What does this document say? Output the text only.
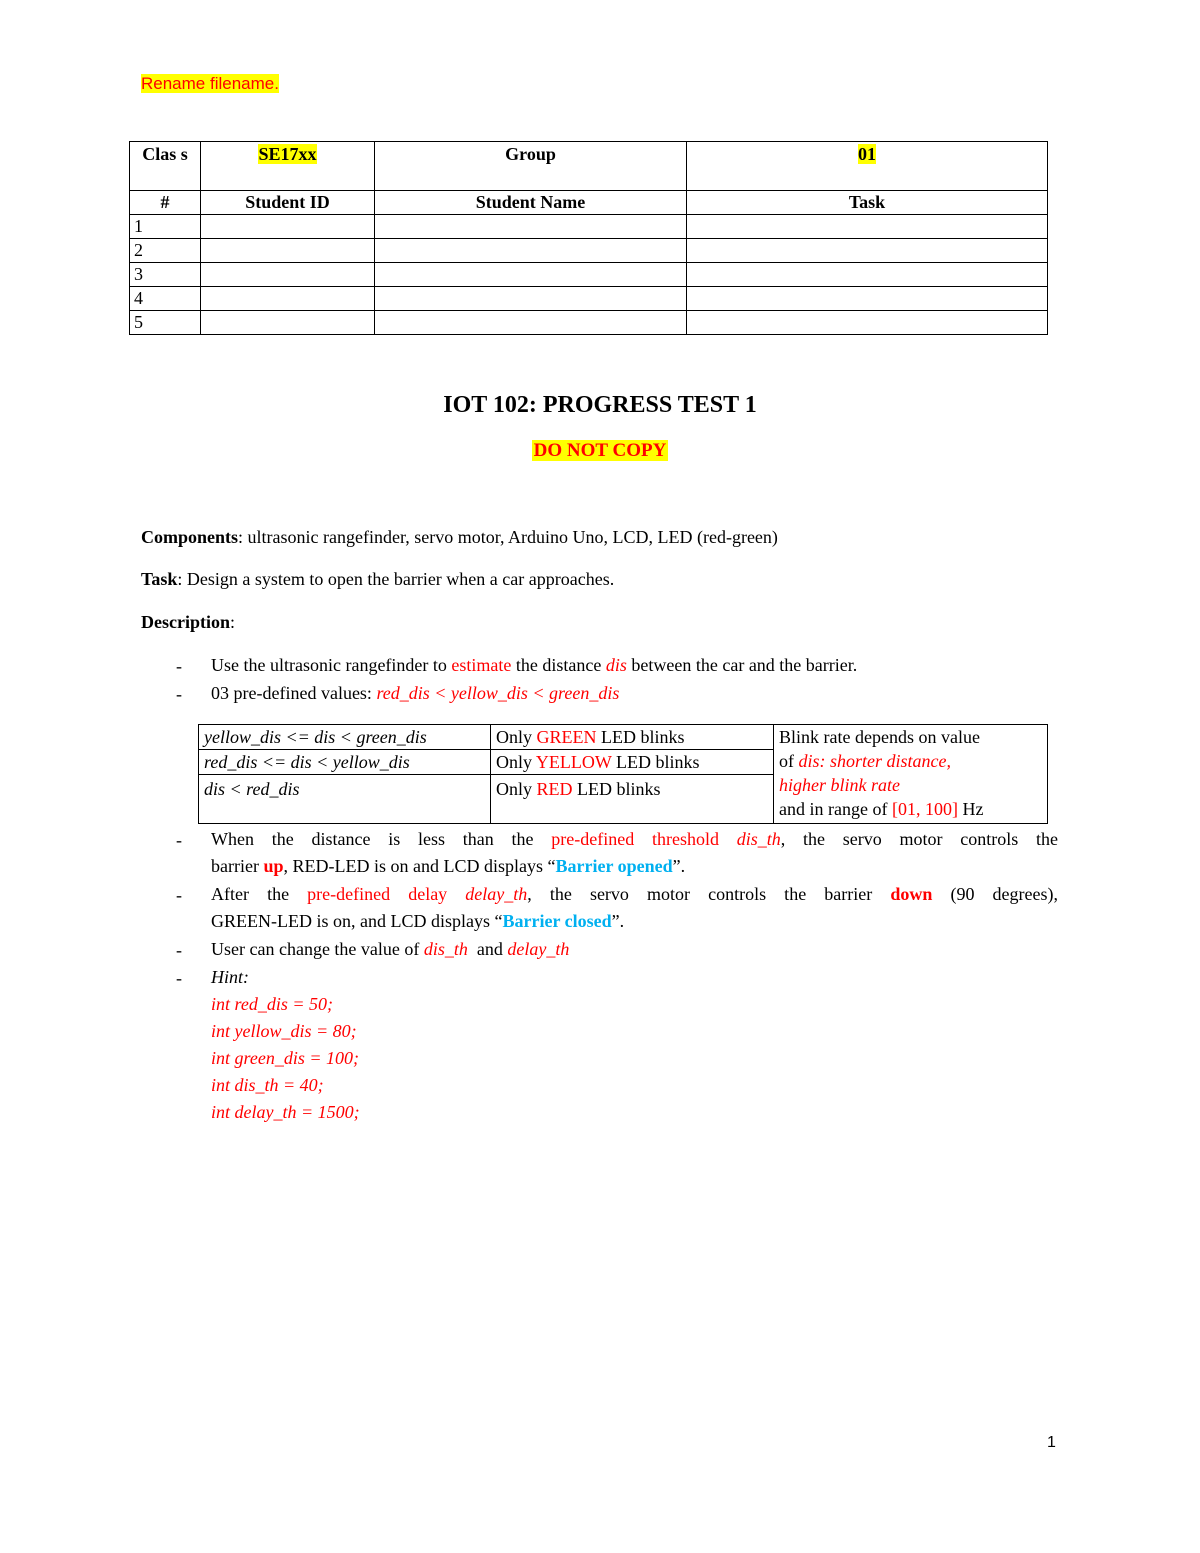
Rename filename.
Clas s	SE17xx	Group	01
#	Student ID	Student Name	Task
1			
2			
3			
4			
5			
IOT 102: PROGRESS TEST 1
DO NOT COPY
Components: ultrasonic rangefinder, servo motor, Arduino Uno, LCD, LED (red-green)
Task: Design a system to open the barrier when a car approaches.
Description:
- Use the ultrasonic rangefinder to estimate the distance dis between the car and the barrier.
- 03 pre-defined values: red_dis < yellow_dis < green_dis
yellow_dis <= dis < green_dis	Only GREEN LED blinks	Blink rate depends on value
of dis: shorter distance,
higher blink rate
and in range of [01, 100] Hz

red_dis <= dis < yellow_dis	Only YELLOW LED blinks	
dis < red_dis	Only RED LED blinks	
- When the distance is less than the pre-defined threshold dis_th, the servo motor controls the
barrier up, RED-LED is on and LCD displays “Barrier opened”.
- After the pre-defined delay delay_th, the servo motor controls the barrier down (90 degrees),
GREEN-LED is on, and LCD displays “Barrier closed”.
- User can change the value of dis_th  and delay_th
- Hint:
int red_dis = 50;
int yellow_dis = 80;
int green_dis = 100;
int dis_th = 40;
int delay_th = 1500;
1
